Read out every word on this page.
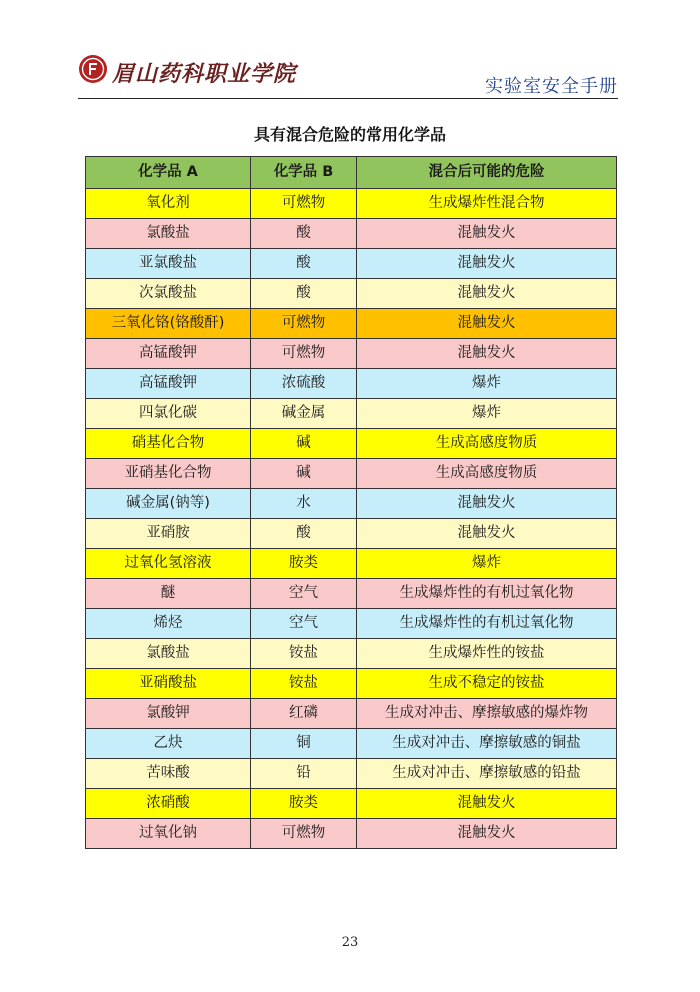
眉山药科职业学院	实验室安全手册
具有混合危险的常用化学品
化学品 A	化学品 B	混合后可能的危险
氧化剂	可燃物	生成爆炸性混合物
氯酸盐	酸	混触发火
亚氯酸盐	酸	混触发火
次氯酸盐	酸	混触发火
三氧化铬(铬酸酐)	可燃物	混触发火
高锰酸钾	可燃物	混触发火
高锰酸钾	浓硫酸	爆炸
四氯化碳	碱金属	爆炸
硝基化合物	碱	生成高感度物质
亚硝基化合物	碱	生成高感度物质
碱金属(钠等)	水	混触发火
亚硝胺	酸	混触发火
过氧化氢溶液	胺类	爆炸
醚	空气	生成爆炸性的有机过氧化物
烯烃	空气	生成爆炸性的有机过氧化物
氯酸盐	铵盐	生成爆炸性的铵盐
亚硝酸盐	铵盐	生成不稳定的铵盐
氯酸钾	红磷	生成对冲击、摩擦敏感的爆炸物
乙炔	铜	生成对冲击、摩擦敏感的铜盐
苦味酸	铅	生成对冲击、摩擦敏感的铅盐
浓硝酸	胺类	混触发火
过氧化钠	可燃物	混触发火
23
